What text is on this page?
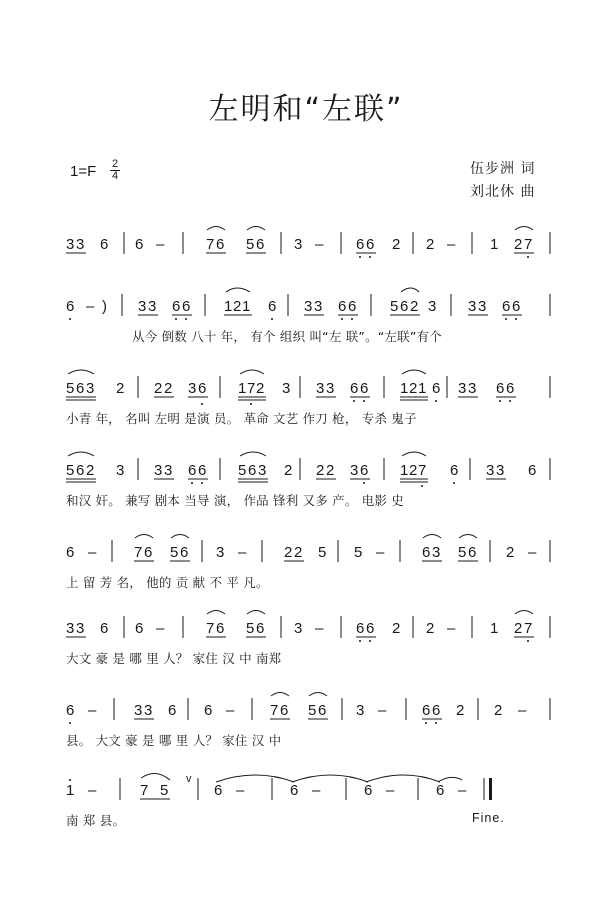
左明和“左联”
$1=F \frac{2}{4}$	伍步洲 词
刘北休 曲
3 3 6 6 –	7 6 5 6 3 – 6 6 2 2 – 1 2 7
6 – ) 3 3 6 6 1 2 1 6 3 3 6 6 5 6 2 3 3 3 6 6
从今 倒数 八十 年， 有个 组织 叫“左 联”。“左联”有个
5 6 3 2 2 2 3 6 1 7 2 3 3 3 6 6 1 2 1 6 3 3 6 6
小青 年， 名叫 左明 是演 员。 革命 文艺 作刀 枪， 专杀 鬼子
5 6 2 3 3 3 6 6 5 6 3 2 2 2 3 6 1 2 7 6 3 3 6
和汉 奸。 兼写 剧本 当导 演， 作品 锋利 又多 产。 电影 史
6 –	7 6 5 6 3 –	2 2 5 5 –	6 3 5 6 2 –
上 留 芳 名， 他的 贡 献 不 平 凡。
3 3 6 6 –	7 6 5 6 3 – 6 6 2 2 – 1 2 7
大文 豪 是 哪 里 人？ 家住 汉 中 南郑
6 –	3 3 6 6 – 7 6 5 6 3 – 6 6 2 2 –
县。 大文 豪 是 哪 里 人？ 家住 汉 中
1 –	7 5	6 –	6 –	6 –	6 –
v
南 郑 县。	Fine.
